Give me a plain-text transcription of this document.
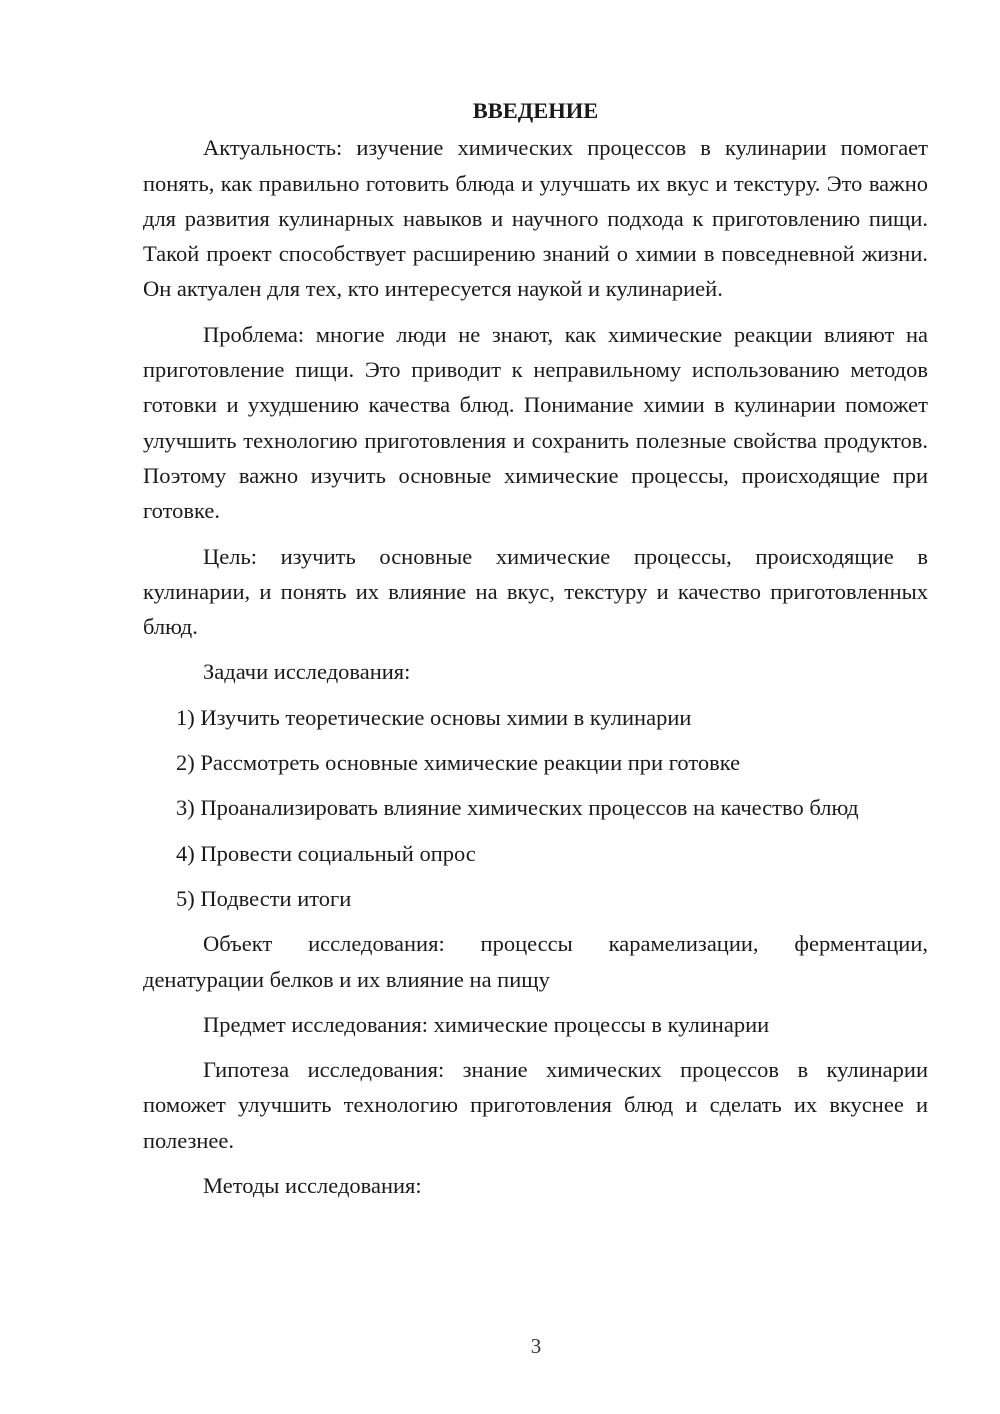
ВВЕДЕНИЕ

Актуальность: изучение химических процессов в кулинарии помогает понять, как правильно готовить блюда и улучшать их вкус и текстуру. Это важно для развития кулинарных навыков и научного подхода к приготовлению пищи. Такой проект способствует расширению знаний о химии в повседневной жизни. Он актуален для тех, кто интересуется наукой и кулинарией.

Проблема: многие люди не знают, как химические реакции влияют на приготовление пищи. Это приводит к неправильному использованию методов готовки и ухудшению качества блюд. Понимание химии в кулинарии поможет улучшить технологию приготовления и сохранить полезные свойства продуктов. Поэтому важно изучить основные химические процессы, происходящие при готовке.

Цель: изучить основные химические процессы, происходящие в кулинарии, и понять их влияние на вкус, текстуру и качество приготовленных блюд.

Задачи исследования:

1) Изучить теоретические основы химии в кулинарии

2) Рассмотреть основные химические реакции при готовке

3) Проанализировать влияние химических процессов на качество блюд

4) Провести социальный опрос

5) Подвести итоги

Объект исследования: процессы карамелизации, ферментации, денатурации белков и их влияние на пищу

Предмет исследования: химические процессы в кулинарии

Гипотеза исследования: знание химических процессов в кулинарии поможет улучшить технологию приготовления блюд и сделать их вкуснее и полезнее.

Методы исследования:

3
